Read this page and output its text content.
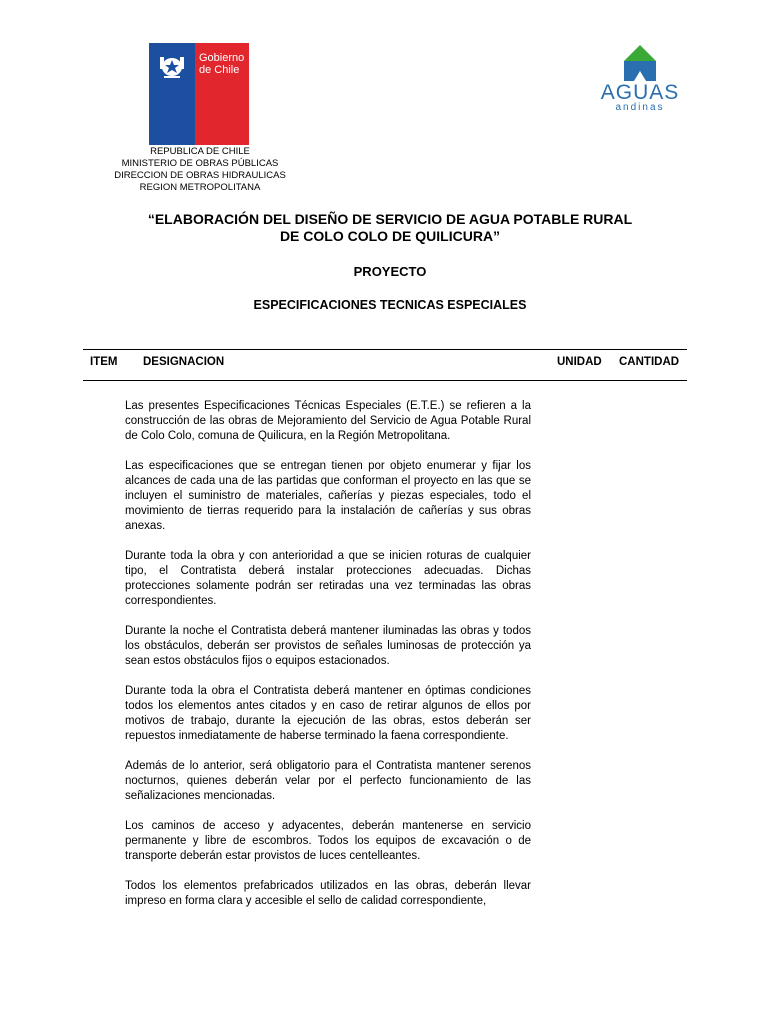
Gobierno
de Chile
REPUBLICA DE CHILE
MINISTERIO DE OBRAS PÚBLICAS
DIRECCION DE OBRAS HIDRAULICAS
REGION METROPOLITANA
AGUAS
andinas
“ELABORACIÓN DEL DISEÑO DE SERVICIO DE AGUA POTABLE RURAL
DE COLO COLO DE QUILICURA”
PROYECTO
ESPECIFICACIONES TECNICAS ESPECIALES
ITEM DESIGNACION	UNIDAD CANTIDAD

Las presentes Especificaciones Técnicas Especiales (E.T.E.) se refieren a la construcción de las obras de Mejoramiento del Servicio de Agua Potable Rural de Colo Colo, comuna de Quilicura, en la Región Metropolitana.

Las especificaciones que se entregan tienen por objeto enumerar y fijar los alcances de cada una de las partidas que conforman el proyecto en las que se incluyen el suministro de materiales, cañerías y piezas especiales, todo el movimiento de tierras requerido para la instalación de cañerías y sus obras anexas.

Durante toda la obra y con anterioridad a que se inicien roturas de cualquier tipo, el Contratista deberá instalar protecciones adecuadas. Dichas protecciones solamente podrán ser retiradas una vez terminadas las obras correspondientes.

Durante la noche el Contratista deberá mantener iluminadas las obras y todos los obstáculos, deberán ser provistos de señales luminosas de protección ya sean estos obstáculos fijos o equipos estacionados.

Durante toda la obra el Contratista deberá mantener en óptimas condiciones todos los elementos antes citados y en caso de retirar algunos de ellos por motivos de trabajo, durante la ejecución de las obras, estos deberán ser repuestos inmediatamente de haberse terminado la faena correspondiente.

Además de lo anterior, será obligatorio para el Contratista mantener serenos nocturnos, quienes deberán velar por el perfecto funcionamiento de las señalizaciones mencionadas.

Los caminos de acceso y adyacentes, deberán mantenerse en servicio permanente y libre de escombros. Todos los equipos de excavación o de transporte deberán estar provistos de luces centelleantes.

Todos los elementos prefabricados utilizados en las obras, deberán llevar impreso en forma clara y accesible el sello de calidad correspondiente,
